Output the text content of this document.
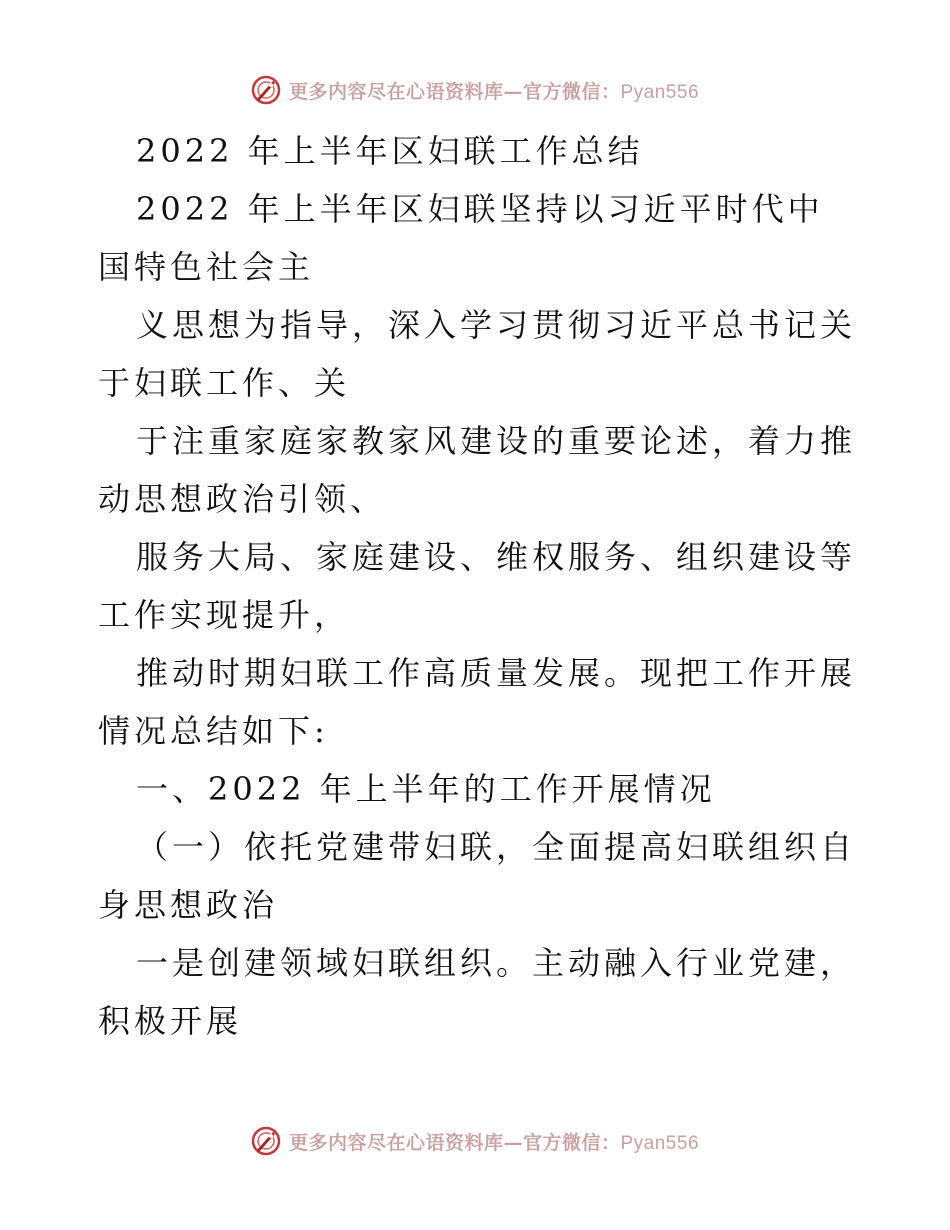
更多内容尽在心语资料库—官方微信：Pyan556

2022 年上半年区妇联工作总结

2022 年上半年区妇联坚持以习近平时代中国特色社会主

义思想为指导，深入学习贯彻习近平总书记关于妇联工作、关

于注重家庭家教家风建设的重要论述，着力推动思想政治引领、

服务大局、家庭建设、维权服务、组织建设等工作实现提升，

推动时期妇联工作高质量发展。现把工作开展情况总结如下:

一、2022 年上半年的工作开展情况

（一）依托党建带妇联，全面提高妇联组织自身思想政治

一是创建领域妇联组织。主动融入行业党建，积极开展

更多内容尽在心语资料库—官方微信：Pyan556
